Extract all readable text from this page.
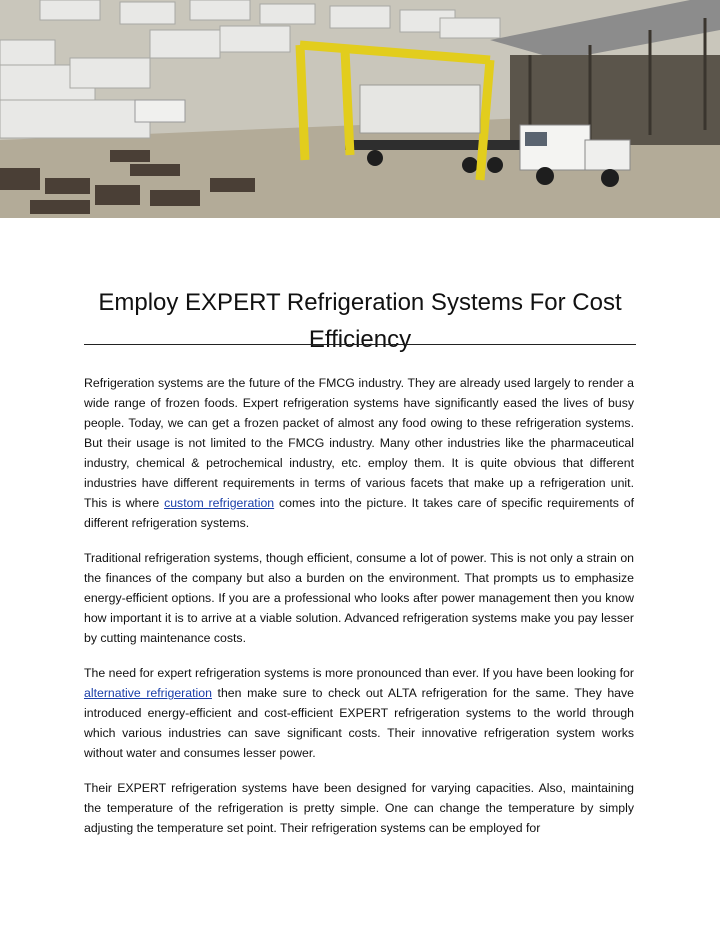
Employ EXPERT Refrigeration Systems For Cost Efficiency

Refrigeration systems are the future of the FMCG industry. They are already used largely to render a wide range of frozen foods. Expert refrigeration systems have significantly eased the lives of busy people. Today, we can get a frozen packet of almost any food owing to these refrigeration systems. But their usage is not limited to the FMCG industry. Many other industries like the pharmaceutical industry, chemical & petrochemical industry, etc. employ them. It is quite obvious that different industries have different requirements in terms of various facets that make up a refrigeration unit. This is where custom refrigeration comes into the picture. It takes care of specific requirements of different refrigeration systems.

Traditional refrigeration systems, though efficient, consume a lot of power. This is not only a strain on the finances of the company but also a burden on the environment. That prompts us to emphasize energy-efficient options. If you are a professional who looks after power management then you know how important it is to arrive at a viable solution. Advanced refrigeration systems make you pay lesser by cutting maintenance costs.

The need for expert refrigeration systems is more pronounced than ever. If you have been looking for alternative refrigeration then make sure to check out ALTA refrigeration for the same. They have introduced energy-efficient and cost-efficient EXPERT refrigeration systems to the world through which various industries can save significant costs. Their innovative refrigeration system works without water and consumes lesser power.

Their EXPERT refrigeration systems have been designed for varying capacities. Also, maintaining the temperature of the refrigeration is pretty simple. One can change the temperature by simply adjusting the temperature set point. Their refrigeration systems can be employed for
